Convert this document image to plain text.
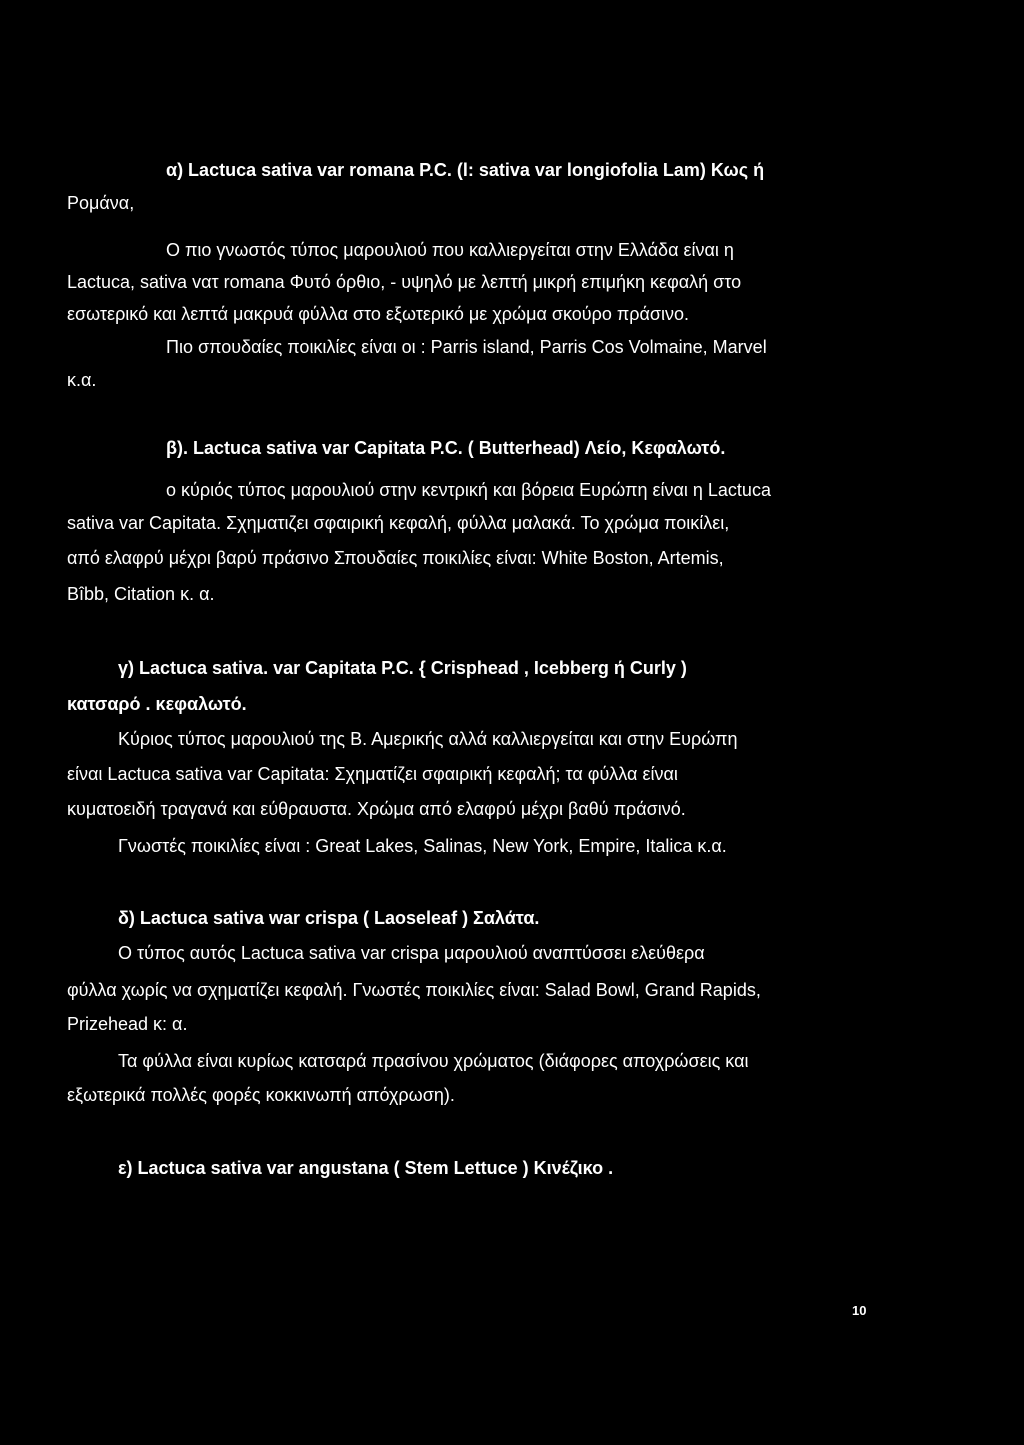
α) Lactuca sativa var romana P.C. (l: sativa var longiofolia Lam) Κως ή
Ρομάνα,
Ο πιο γνωστός τύπος μαρουλιού που καλλιεργείται στην Ελλάδα είναι η
Lactuca, sativa vατ romana Φυτό όρθιο, - υψηλό με λεπτή μικρή επιμήκη κεφαλή στο
εσωτερικό και λεπτά μακρυά φύλλα στο εξωτερικό με χρώμα σκούρο πράσινο.
Πιο σπουδαίες ποικιλίες είναι οι : Parris island, Parris Cos Volmaine, Marvel
κ.α.
β). Lactuca sativa var Capitata P.C. ( Butterhead) Λείο, Κεφαλωτό.
ο κύριός τύπος μαρουλιού στην κεντρική και βόρεια Ευρώπη είναι η Lactuca
sativa var Capitata. Σχηματιζει σφαιρική κεφαλή, φύλλα μαλακά. Το χρώμα ποικίλει,
από ελαφρύ μέχρι βαρύ πράσινο Σπουδαίες ποικιλίες είναι: White Boston, Artemis,
Bîbb, Citation κ. α.
γ) Lactuca sativa. var Capitata P.C. { Crisphead , Icebberg ή Curly )
κατσαρό . κεφαλωτό.
Κύριος τύπος μαρουλιού της Β. Αμερικής αλλά καλλιεργείται και στην Ευρώπη
είναι Lactuca sativa var Capitata: Σχηματίζει σφαιρική κεφαλή; τα φύλλα είναι
κυματοειδή τραγανά και εύθραυστα. Χρώμα από ελαφρύ μέχρι βαθύ πράσινό.
Γνωστές ποικιλίες είναι : Great Lakes, Salinas, New York, Empire, Italica κ.α.
δ) Lactuca sativa war crispa ( Laoseleaf ) Σαλάτα.
Ο τύπος αυτός Lactuca sativa var crispa μαρουλιού αναπτύσσει ελεύθερα
φύλλα χωρίς να σχηματίζει κεφαλή. Γνωστές ποικιλίες είναι: Salad Bowl, Grand Rapids,
Prizehead κ: α.
Τα φύλλα είναι κυρίως κατσαρά πρασίνου χρώματος (διάφορες αποχρώσεις και
εξωτερικά πολλές φορές κοκκινωπή απόχρωση).
ε) Lactuca sativa var angustana ( Stem Lettuce ) Κινέζικο .
10
